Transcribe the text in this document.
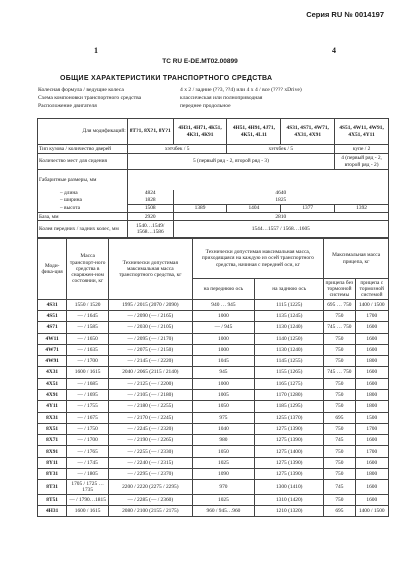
Серия RU № 0014197
1	4
ТС RU E-DE.MT02.00899
ОБЩИЕ ХАРАКТЕРИСТИКИ ТРАНСПОРТНОГО СРЕДСТВА
Колесная формула / ведущие колеса	4 x 2 / задние (??3, ??4) или 4 x 4 / все (???? xDrive)
Схема компоновки транспортного средства	классическая или полноприводная
Расположение двигателя	переднее продольное
Для модификаций:	8Т?1, 8Х?1, 8Y?1	4Н31, 4Н71, 4К51, 4К31, 4К91	4Н51, 4Н91, 4J71, 4К51, 4L11	4S31, 4S71, 4W71, 4X31, 4X91	4S51, 4W11, 4W91, 4X51, 4Y11
Тип кузова / количество дверей	хэтчбек / 5		хэтчбек / 5		купе / 2
Количество мест для сидения	5 (первый ряд - 2, второй ряд - 3)				4 (первый ряд - 2, второй ряд - 2)
Габаритные размеры, мм					
– длина	4824	4640			
– ширина	1828	1825			
– высота	1508	1389	1404	1377	1392
База, мм	2920	2810			
Колея передних / задних колес, мм	1540…1549/ 1568…1586	1544…1557 / 1568…1605			
Моди-фика-ция	Масса транспорт-ного средства в снаряжен-ном состоянии, кг	Технически допустимая максимальная масса транспортного средства, кг	Технически допустимая максимальная масса, приходящаяся на каждую из осей транспортного средства, начиная с передней оси, кг		Максимальная масса прицепа, кг	
			на переднюю ось	на заднюю ось	прицепа без тормозной системы	прицепа с тормозной системой

4S31	1550 / 1520	1995 / 2015 (2070 / 2090)	940 … 945	1115 (1225)	695 … 750	1400 / 1500
4S51	— / 1645	— / 2090 (— / 2165)	1000	1135 (1245)	750	1700
4S71	— / 1585	— / 2030 (— / 2105)	— / 945	1130 (1240)	745 … 750	1600
4W11	— / 1650	— / 2095 (— / 2170)	1000	1140 (1250)	750	1600
4W71	— / 1635	— / 2075 (— / 2150)	1000	1130 (1240)	750	1600
4W91	— / 1700	— / 2145 (— / 2220)	1045	1145 (1255)	750	1800
4X31	1600 / 1615	2040 / 2065 (2115 / 2140)	945	1155 (1265)	745 … 750	1600
4X51	— / 1685	— / 2125 (— / 2200)	1000	1165 (1275)	750	1600
4X91	— / 1695	— / 2105 (— / 2180)	1005	1170 (1280)	750	1800
4Y11	— / 1755	— / 2180 (— / 2255)	1050	1185 (1295)	750	1800
8X31	— / 1675	— / 2170 (— / 2245)	975	1255 (1370)	695	1500
8X51	— / 1750	— / 2245 (— / 2320)	1040	1275 (1390)	750	1700
8X71	— / 1700	— / 2190 (— / 2265)	980	1275 (1390)	745	1600
8X91	— / 1765	— / 2255 (— / 2330)	1050	1275 (1400)	750	1700
8Y11	— / 1745	— / 2240 (— / 2315)	1025	1275 (1390)	750	1600
8Y31	— / 1805	— / 2295 (— / 2370)	1090	1275 (1390)	750	1800
8T31	1705 / 1725 … 1735	2200 / 2220 (2275 / 2295)	970	1300 (1410)	745	1600
8T51	— / 1790…1815	— / 2285 (— / 2360)	1025	1310 (1420)	750	1600
4H31	1600 / 1615	2080 / 2100 (2155 / 2175)	960 / 945…960	1210 (1320)	695	1400 / 1500
